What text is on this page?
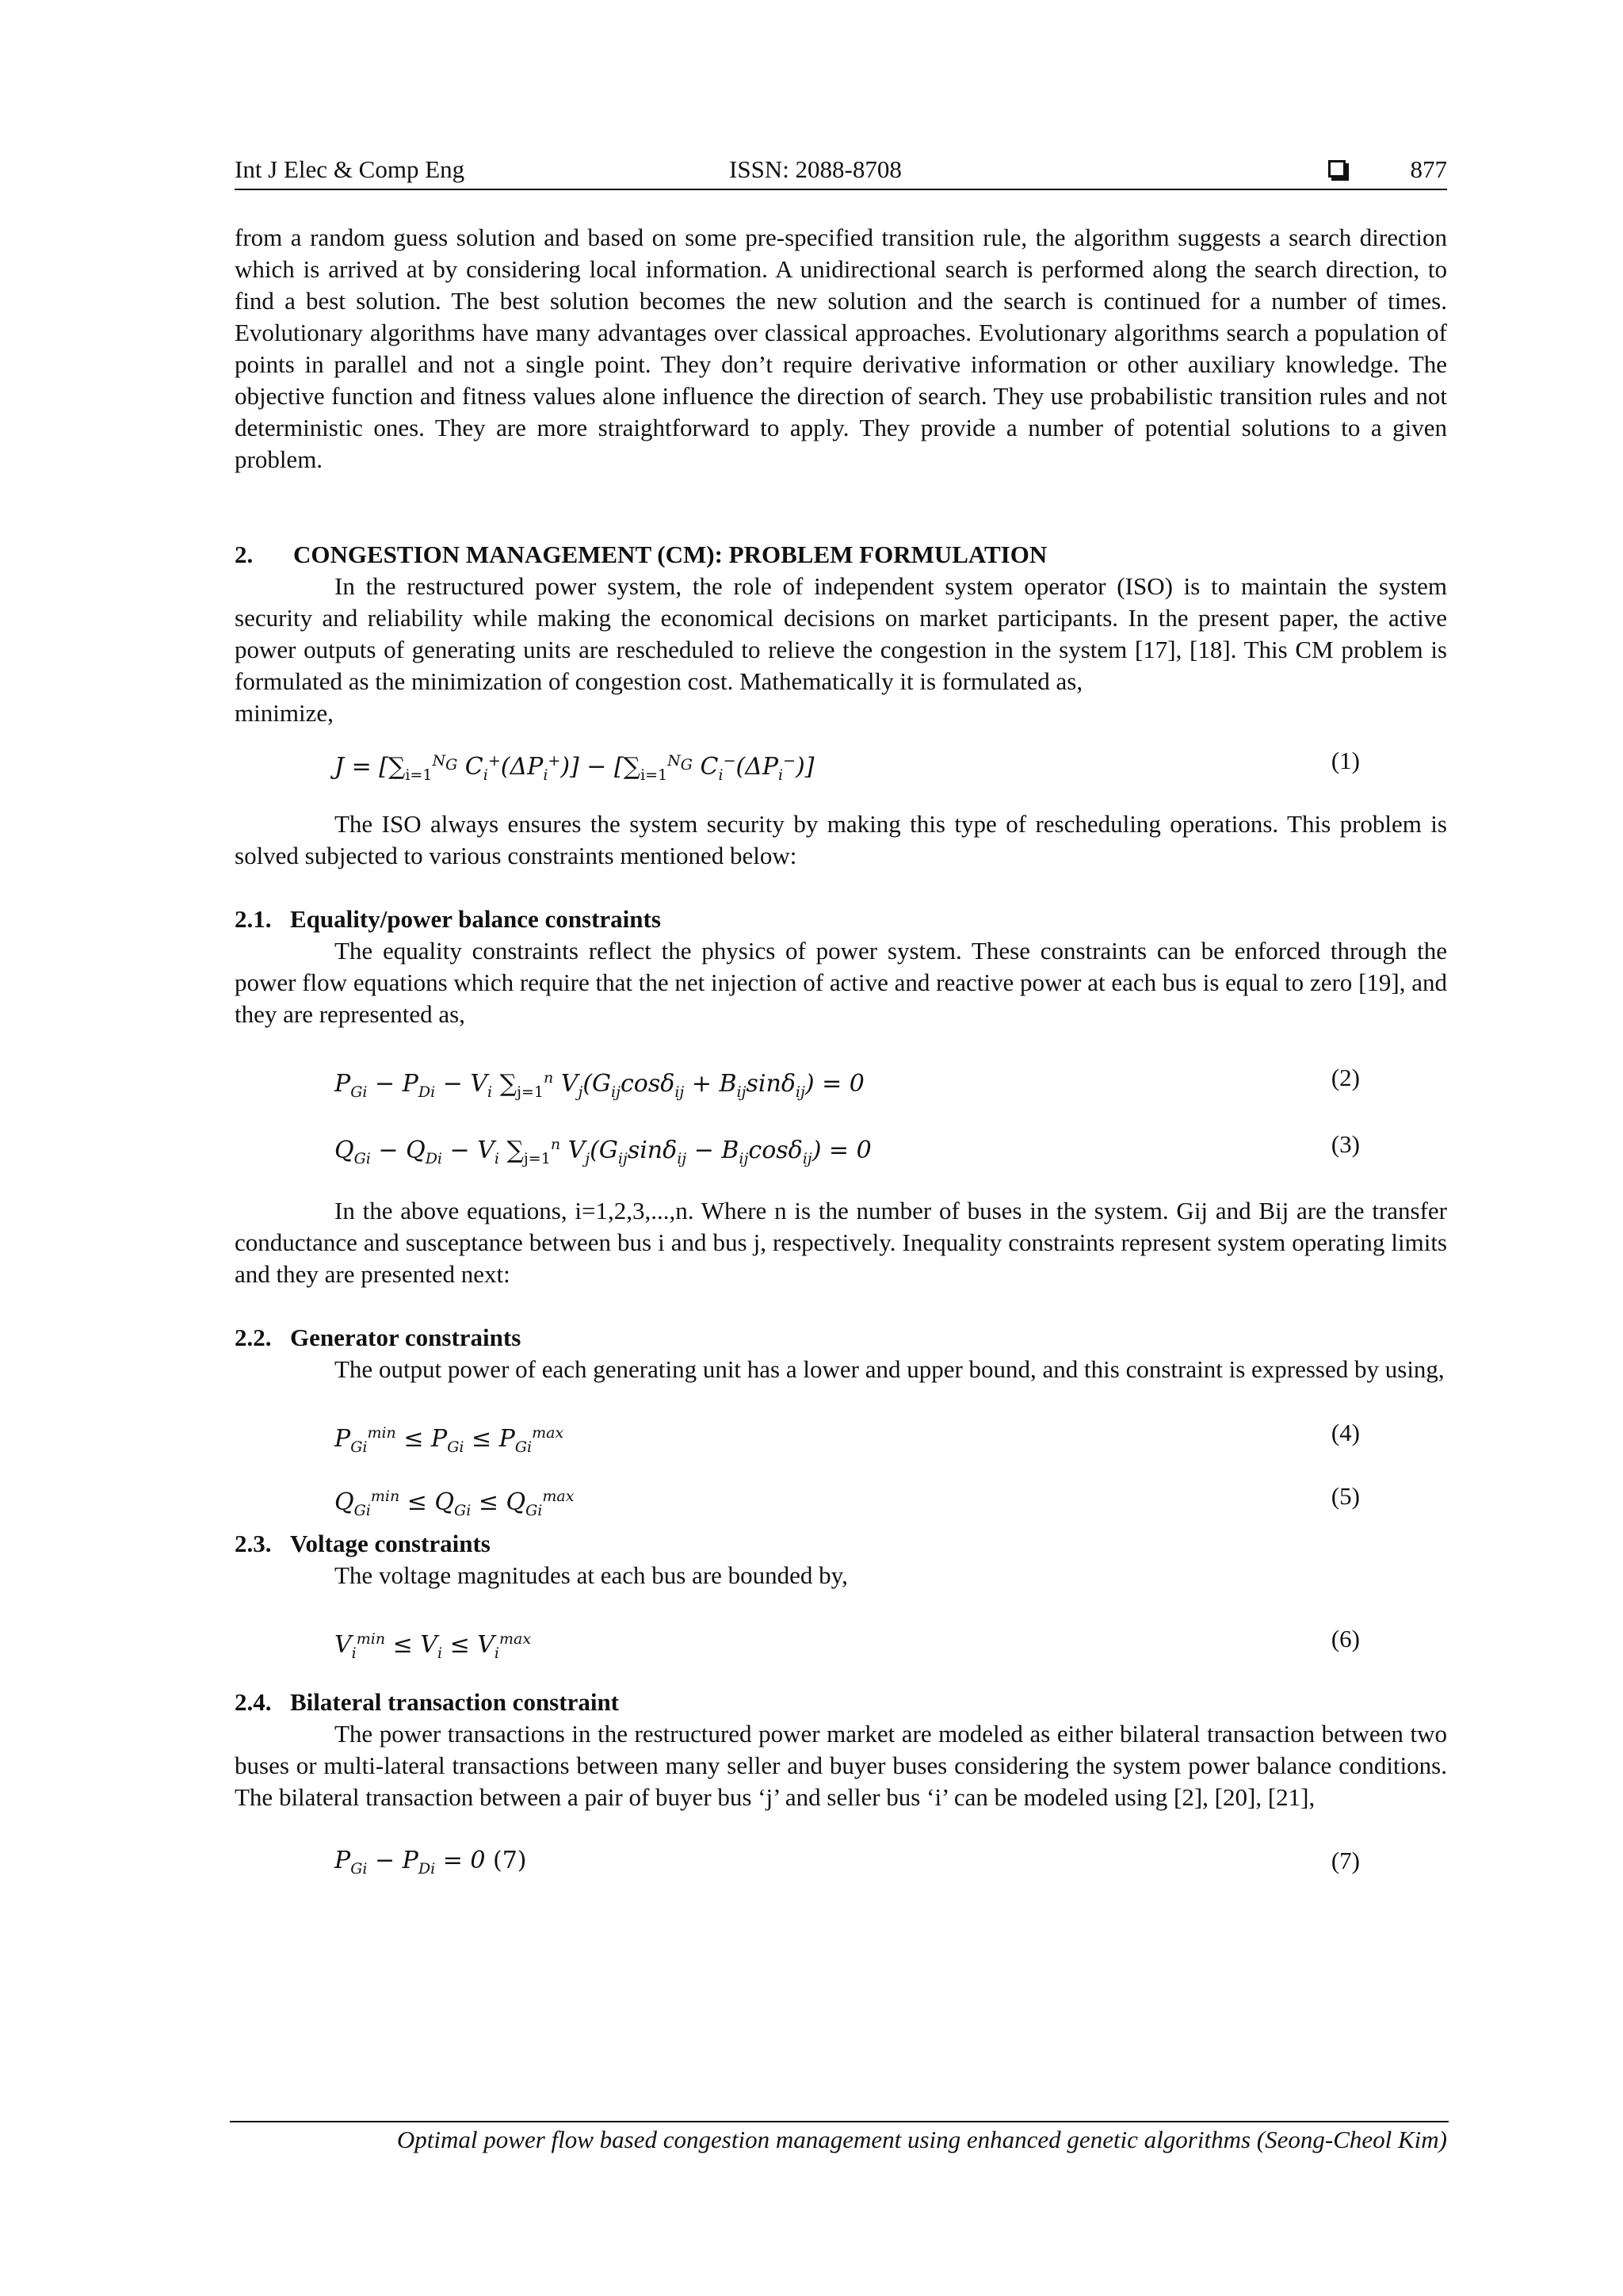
Int J Elec & Comp Eng	ISSN: 2088-8708	877

from a random guess solution and based on some pre-specified transition rule, the algorithm suggests a search direction which is arrived at by considering local information. A unidirectional search is performed along the search direction, to find a best solution. The best solution becomes the new solution and the search is continued for a number of times. Evolutionary algorithms have many advantages over classical approaches. Evolutionary algorithms search a population of points in parallel and not a single point. They don’t require derivative information or other auxiliary knowledge. The objective function and fitness values alone influence the direction of search. They use probabilistic transition rules and not deterministic ones. They are more straightforward to apply. They provide a number of potential solutions to a given problem.

2. CONGESTION MANAGEMENT (CM): PROBLEM FORMULATION

In the restructured power system, the role of independent system operator (ISO) is to maintain the system security and reliability while making the economical decisions on market participants. In the present paper, the active power outputs of generating units are rescheduled to relieve the congestion in the system [17], [18]. This CM problem is formulated as the minimization of congestion cost. Mathematically it is formulated as,

minimize,

$J = [\sum_{i=1}^{N_G}$ $C_i^+(\Delta P_i^+)] - [\sum_{i=1}^{N_G}$ $C_i^-(\Delta P_i^-)$]	(1)

The ISO always ensures the system security by making this type of rescheduling operations. This problem is solved subjected to various constraints mentioned below:

2.1. Equality/power balance constraints

The equality constraints reflect the physics of power system. These constraints can be enforced through the power flow equations which require that the net injection of active and reactive power at each bus is equal to zero [19], and they are represented as,

$P_{Gi} - P_{Di} - V_i$ $\sum_{j=1}^n$ $V_j(G_{ij}\cos\delta_{ij} + B_{ij}\sin\delta_{ij}) = 0$	(2)
$Q_{Gi} - Q_{Di} - V_i$ $\sum_{j=1}^n$ $V_j(G_{ij}\sin\delta_{ij} - B_{ij}\cos\delta_{ij}) = 0$	(3)

In the above equations, i=1,2,3,...,n. Where n is the number of buses in the system. Gij and Bij are the transfer conductance and susceptance between bus i and bus j, respectively. Inequality constraints represent system operating limits and they are presented next:

2.2. Generator constraints

The output power of each generating unit has a lower and upper bound, and this constraint is expressed by using,

$P_{Gi}^{min} \le P_{Gi} \le P_{Gi}^{max}$	(4)
$Q_{Gi}^{min} \le Q_{Gi} \le Q_{Gi}^{max}$	(5)

2.3. Voltage constraints

The voltage magnitudes at each bus are bounded by,

$V_i^{min} \le V_i \le V_i^{max}$	(6)

2.4. Bilateral transaction constraint

The power transactions in the restructured power market are modeled as either bilateral transaction between two buses or multi-lateral transactions between many seller and buyer buses considering the system power balance conditions. The bilateral transaction between a pair of buyer bus ‘j’ and seller bus ‘i’ can be modeled using [2], [20], [21],

$P_{Gi} - P_{Di} = 0$ (7)	(7)
Optimal power flow based congestion management using enhanced genetic algorithms (Seong-Cheol Kim)
